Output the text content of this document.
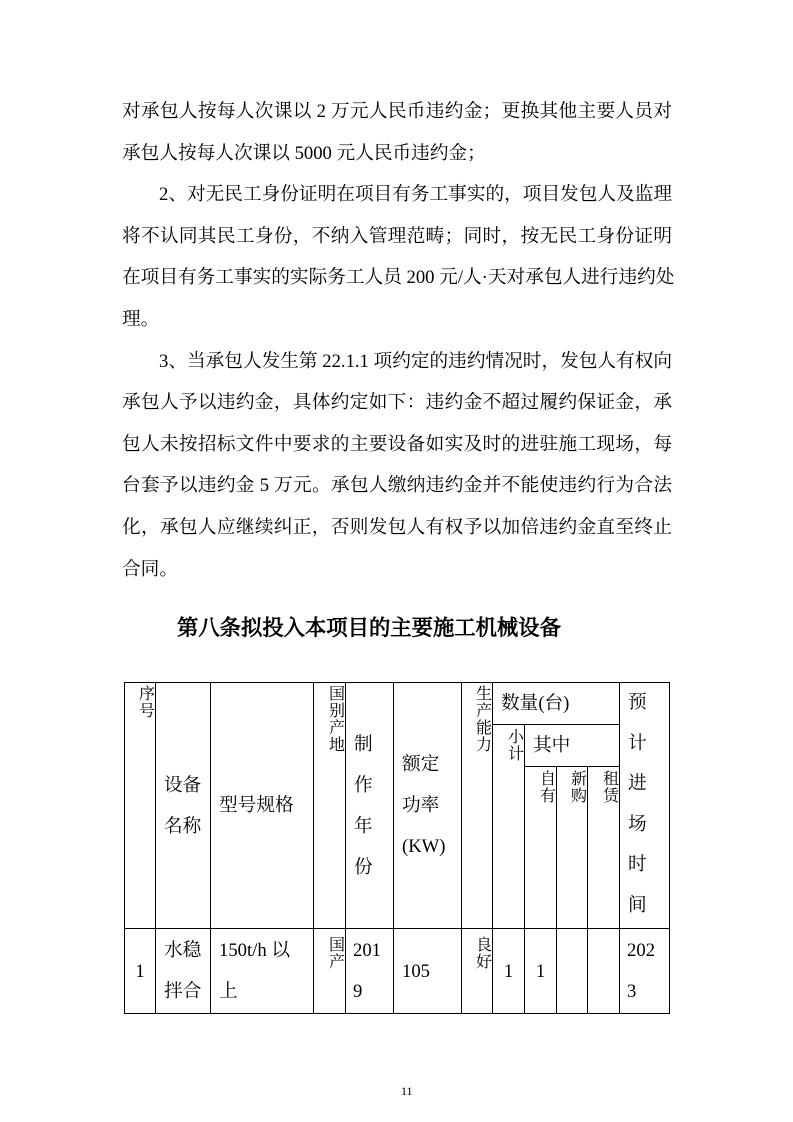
对承包人按每人次课以 2 万元人民币违约金；更换其他主要人员对
承包人按每人次课以 5000 元人民币违约金；
2、对无民工身份证明在项目有务工事实的，项目发包人及监理
将不认同其民工身份，不纳入管理范畴；同时，按无民工身份证明
在项目有务工事实的实际务工人员 200 元/人·天对承包人进行违约处
理。
3、当承包人发生第 22.1.1 项约定的违约情况时，发包人有权向
承包人予以违约金，具体约定如下：违约金不超过履约保证金，承
包人未按招标文件中要求的主要设备如实及时的进驻施工现场，每
台套予以违约金 5 万元。承包人缴纳违约金并不能使违约行为合法
化，承包人应继续纠正，否则发包人有权予以加倍违约金直至终止
合同。
第八条拟投入本项目的主要施工机械设备
序号	设备名称	型号规格	国别产地	制作年份	额定功率(KW)	生产能力	数量(台)				预计进场时间

							小计	其中			

								自有	新购	租赁	

1	水稳拌合	150t/h 以上	国产	2019	105	良好	1	1			2023
11
